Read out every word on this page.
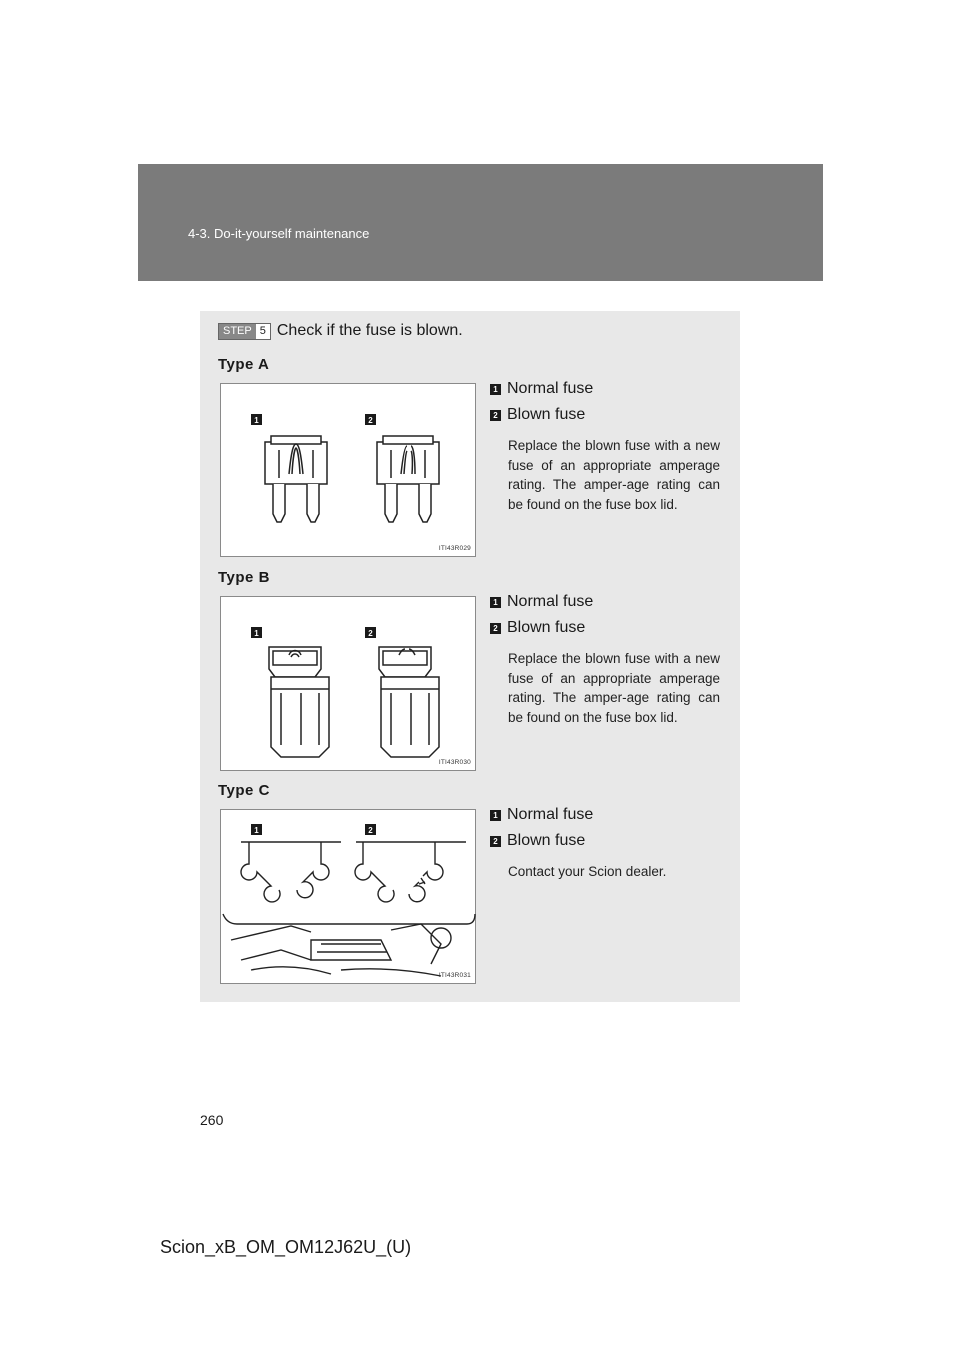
4-3. Do-it-yourself maintenance
STEP 5 Check if the fuse is blown.
Type A
1	2
ITI43R029
1 Normal fuse
2 Blown fuse
Replace the blown fuse with a new fuse of an appropriate amperage rating. The amper-age rating can be found on the fuse box lid.
Type B
1	2
ITI43R030
1 Normal fuse
2 Blown fuse
Replace the blown fuse with a new fuse of an appropriate amperage rating. The amper-age rating can be found on the fuse box lid.
Type C
1	2
ITI43R031
1 Normal fuse
2 Blown fuse
Contact your Scion dealer.
260
Scion_xB_OM_OM12J62U_(U)
